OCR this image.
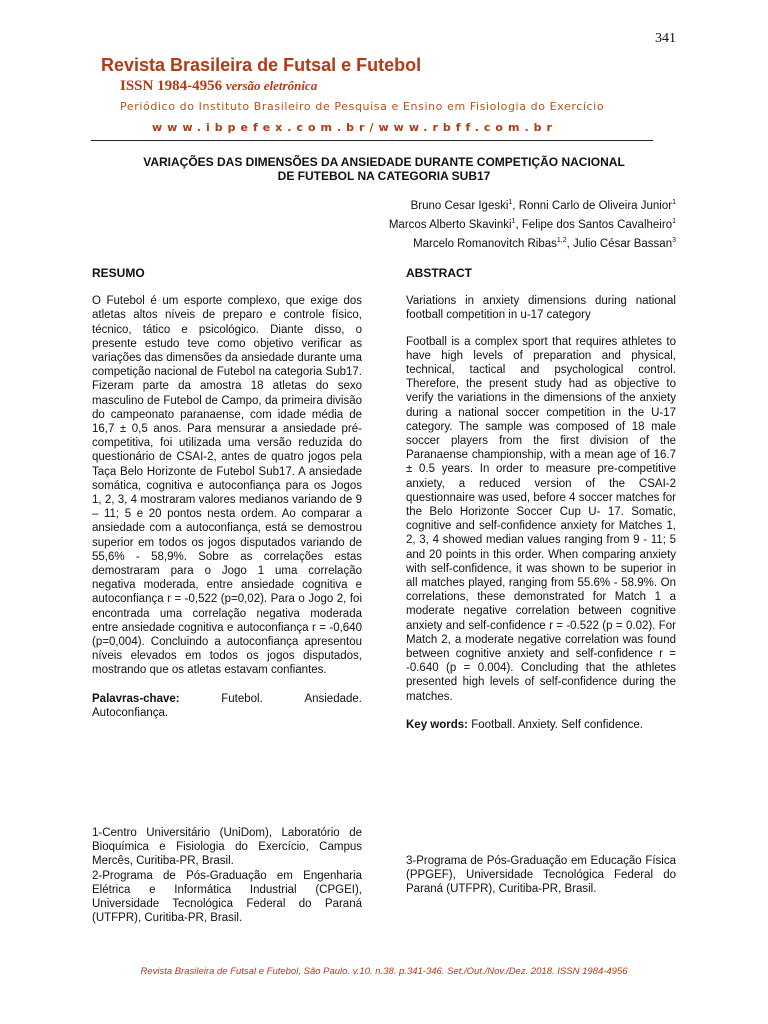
341
Revista Brasileira de Futsal e Futebol
ISSN 1984-4956 versão eletrônica
Periódico do Instituto Brasileiro de Pesquisa e Ensino em Fisiologia do Exercício
www.ibpefex.com.br/www.rbff.com.br
VARIAÇÕES DAS DIMENSÕES DA ANSIEDADE DURANTE COMPETIÇÃO NACIONAL
DE FUTEBOL NA CATEGORIA SUB17
Bruno Cesar Igeski$^1$, Ronni Carlo de Oliveira Junior$^1$
Marcos Alberto Skavinki$^1$, Felipe dos Santos Cavalheiro$^1$
Marcelo Romanovitch Ribas$^{1,2}$, Julio César Bassan$^3$
RESUMO

O Futebol é um esporte complexo, que exige dos atletas altos níveis de preparo e controle físico, técnico, tático e psicológico. Diante disso, o presente estudo teve como objetivo verificar as variações das dimensões da ansiedade durante uma competição nacional de Futebol na categoria Sub17. Fizeram parte da amostra 18 atletas do sexo masculino de Futebol de Campo, da primeira divisão do campeonato paranaense, com idade média de 16,7 ± 0,5 anos. Para mensurar a ansiedade pré-competitiva, foi utilizada uma versão reduzida do questionário de CSAI-2, antes de quatro jogos pela Taça Belo Horizonte de Futebol Sub17. A ansiedade somática, cognitiva e autoconfiança para os Jogos 1, 2, 3, 4 mostraram valores medianos variando de 9 – 11; 5 e 20 pontos nesta ordem. Ao comparar a ansiedade com a autoconfiança, está se demostrou superior em todos os jogos disputados variando de 55,6% - 58,9%. Sobre as correlações estas demostraram para o Jogo 1 uma correlação negativa moderada, entre ansiedade cognitiva e autoconfiança r = -0,522 (p=0,02). Para o Jogo 2, foi encontrada uma correlação negativa moderada entre ansiedade cognitiva e autoconfiança r = -0,640 (p=0,004). Concluindo a autoconfiança apresentou níveis elevados em todos os jogos disputados, mostrando que os atletas estavam confiantes.

Palavras-chave:	Futebol.	Ansiedade.
Autoconfiança.
ABSTRACT

Variations in anxiety dimensions during national football competition in u-17 category

Football is a complex sport that requires athletes to have high levels of preparation and physical, technical, tactical and psychological control. Therefore, the present study had as objective to verify the variations in the dimensions of the anxiety during a national soccer competition in the U-17 category. The sample was composed of 18 male soccer players from the first division of the Paranaense championship, with a mean age of 16.7 ± 0.5 years. In order to measure pre-competitive anxiety, a reduced version of the CSAI-2 questionnaire was used, before 4 soccer matches for the Belo Horizonte Soccer Cup U- 17. Somatic, cognitive and self-confidence anxiety for Matches 1, 2, 3, 4 showed median values ranging from 9 - 11; 5 and 20 points in this order. When comparing anxiety with self-confidence, it was shown to be superior in all matches played, ranging from 55.6% - 58.9%. On correlations, these demonstrated for Match 1 a moderate negative correlation between cognitive anxiety and self-confidence r = -0.522 (p = 0.02). For Match 2, a moderate negative correlation was found between cognitive anxiety and self-confidence r = -0.640 (p = 0.004). Concluding that the athletes presented high levels of self-confidence during the matches.

Key words: Football. Anxiety. Self confidence.

1-Centro Universitário (UniDom), Laboratório de Bioquímica e Fisiologia do Exercício, Campus Mercês, Curitiba-PR, Brasil.

2-Programa de Pós-Graduação em Engenharia Elétrica e Informática Industrial (CPGEI), Universidade Tecnológica Federal do Paraná (UTFPR), Curitiba-PR, Brasil.

3-Programa de Pós-Graduação em Educação Física (PPGEF), Universidade Tecnológica Federal do Paraná (UTFPR), Curitiba-PR, Brasil.

Revista Brasileira de Futsal e Futebol, São Paulo. v.10. n.38. p.341-346. Set./Out./Nov./Dez. 2018. ISSN 1984-4956
